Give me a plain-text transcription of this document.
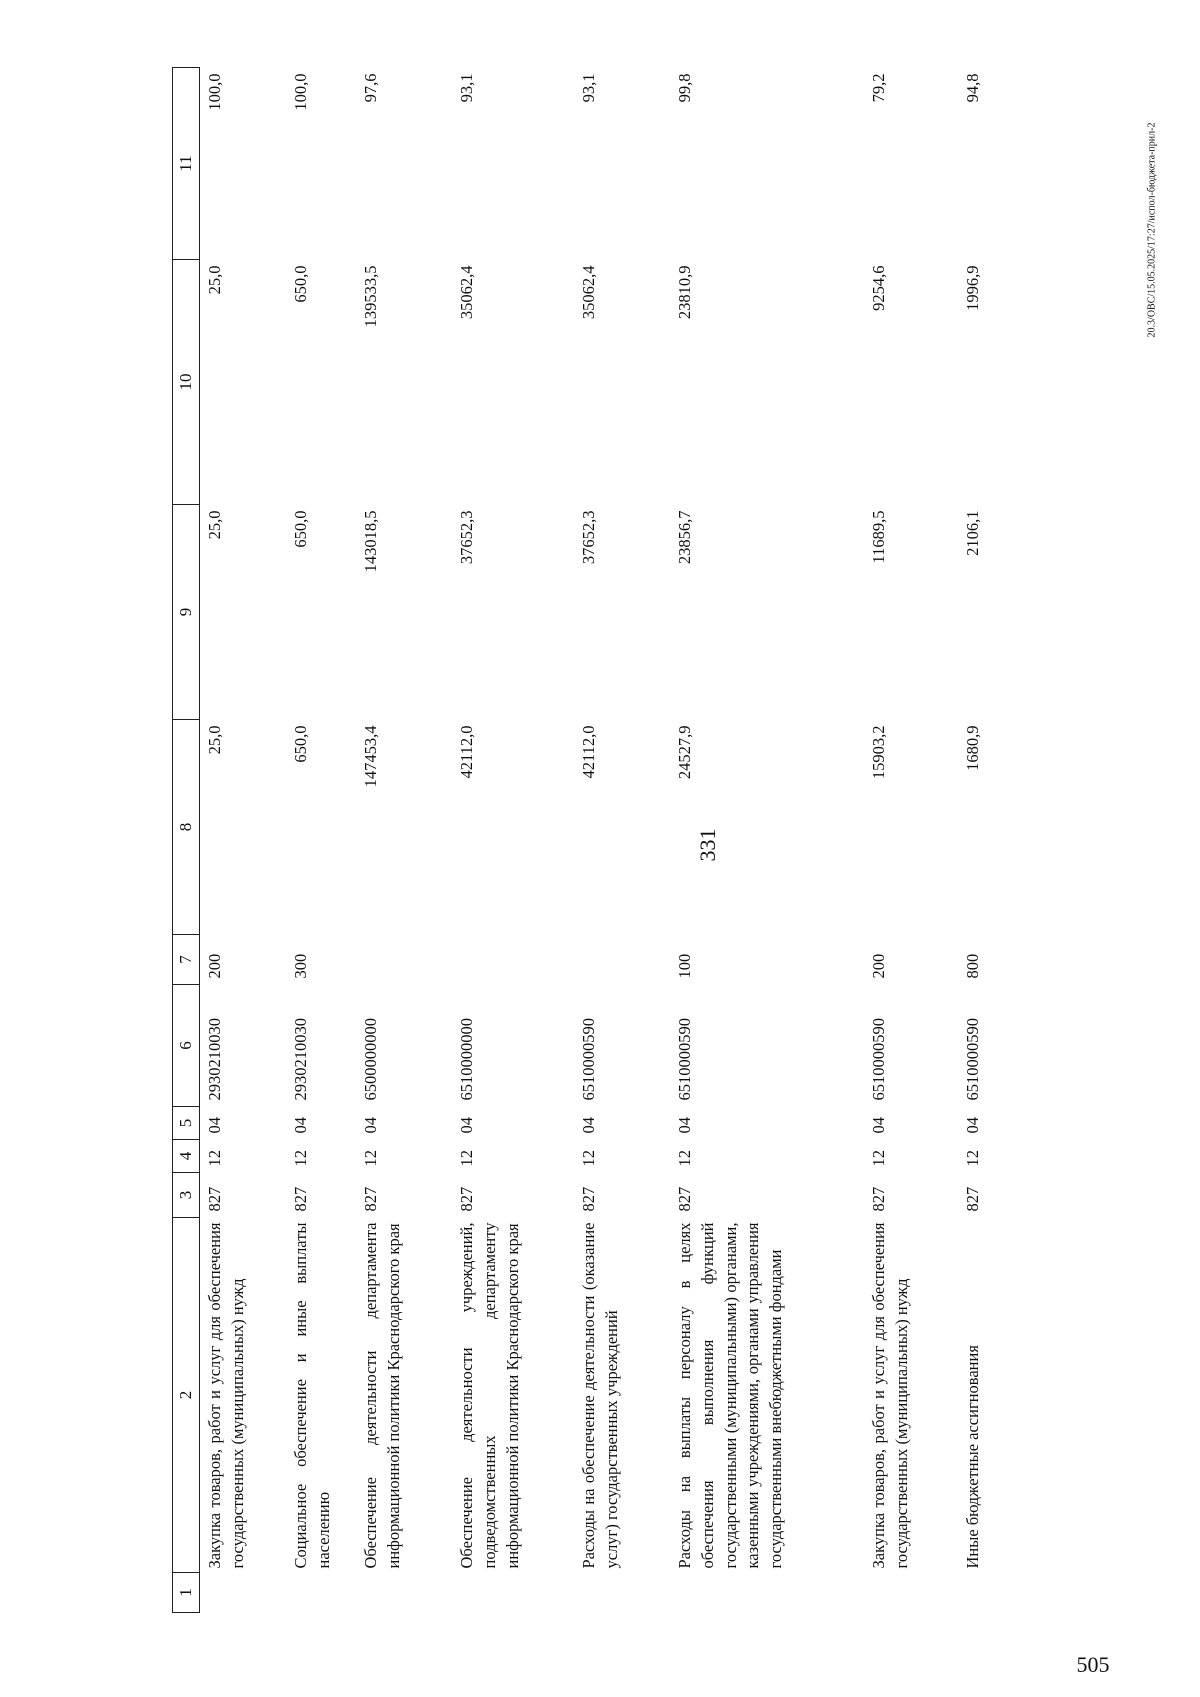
331
20.3/ОВС/15.05.2025/17:27/испол-бюджета-прил-2
505
1	2	3	4	5	6	7	8	9	10	11
	Закупка товаров, работ и услуг для обеспечения государственных (муниципальных) нужд	827	12	04	2930210030	200	25,0	25,0	25,0	100,0
	Социальное обеспечение и иные выплаты населению	827	12	04	2930210030	300	650,0	650,0	650,0	100,0
	Обеспечение деятельности департамента информационной политики Краснодарского края	827	12	04	6500000000		147453,4	143018,5	139533,5	97,6
	Обеспечение деятельности учреждений, подведомственных департаменту информационной политики Краснодарского края	827	12	04	6510000000		42112,0	37652,3	35062,4	93,1
	Расходы на обеспечение деятельности (оказание услуг) государственных учреждений	827	12	04	6510000590		42112,0	37652,3	35062,4	93,1
	Расходы на выплаты персоналу в целях обеспечения выполнения функций государственными (муниципальными) органами, казенными учреждениями, органами управления государственными внебюджетными фондами	827	12	04	6510000590	100	24527,9	23856,7	23810,9	99,8
	Закупка товаров, работ и услуг для обеспечения государственных (муниципальных) нужд	827	12	04	6510000590	200	15903,2	11689,5	9254,6	79,2
	Иные бюджетные ассигнования	827	12	04	6510000590	800	1680,9	2106,1	1996,9	94,8
